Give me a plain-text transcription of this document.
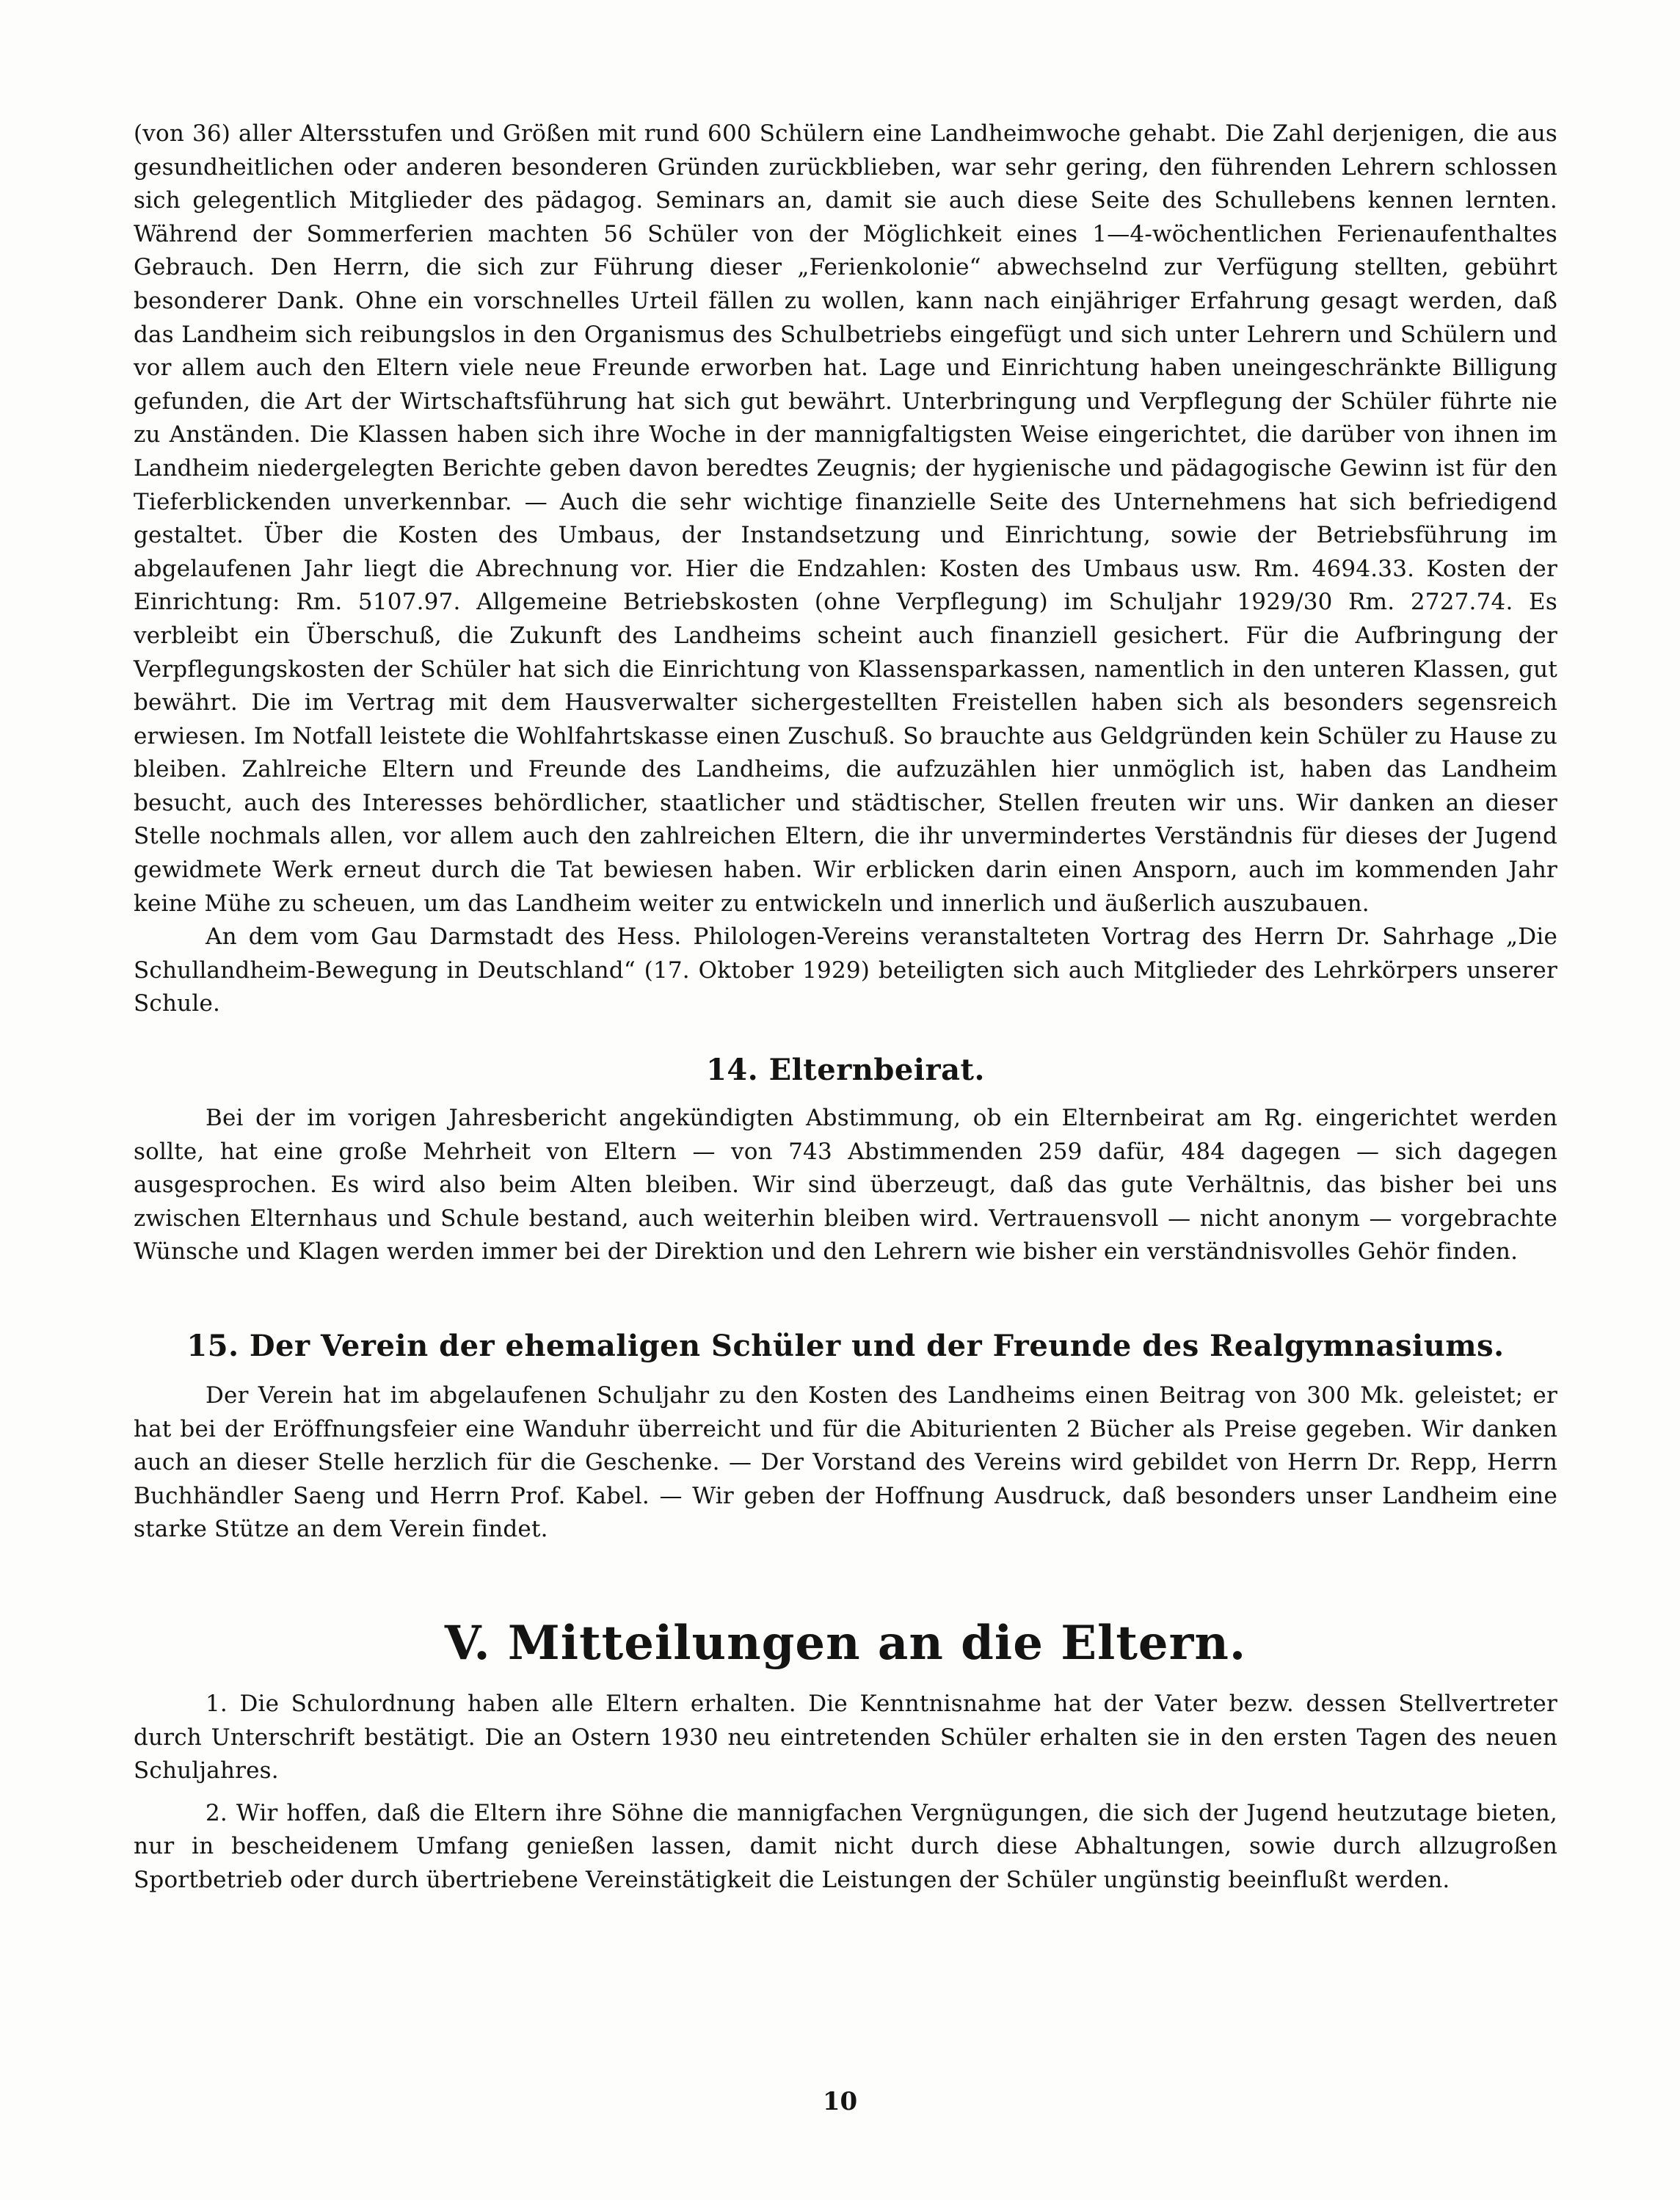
(von 36) aller Altersstufen und Größen mit rund 600 Schülern eine Landheimwoche gehabt. Die Zahl derjenigen, die aus gesundheitlichen oder anderen besonderen Gründen zurückblieben, war sehr gering, den führenden Lehrern schlossen sich gelegentlich Mitglieder des pädagog. Seminars an, damit sie auch diese Seite des Schullebens kennen lernten. Während der Sommerferien machten 56 Schüler von der Möglichkeit eines 1—4-wöchentlichen Ferienaufenthaltes Gebrauch. Den Herrn, die sich zur Führung dieser „Ferienkolonie“ abwechselnd zur Verfügung stellten, gebührt besonderer Dank. Ohne ein vorschnelles Urteil fällen zu wollen, kann nach einjähriger Erfahrung gesagt werden, daß das Landheim sich reibungslos in den Organismus des Schulbetriebs eingefügt und sich unter Lehrern und Schülern und vor allem auch den Eltern viele neue Freunde erworben hat. Lage und Einrichtung haben uneingeschränkte Billigung gefunden, die Art der Wirtschaftsführung hat sich gut bewährt. Unterbringung und Verpflegung der Schüler führte nie zu Anständen. Die Klassen haben sich ihre Woche in der mannigfaltigsten Weise eingerichtet, die darüber von ihnen im Landheim niedergelegten Berichte geben davon beredtes Zeugnis; der hygienische und pädagogische Gewinn ist für den Tieferblickenden unverkennbar. — Auch die sehr wichtige finanzielle Seite des Unternehmens hat sich befriedigend gestaltet. Über die Kosten des Umbaus, der Instandsetzung und Einrichtung, sowie der Betriebsführung im abgelaufenen Jahr liegt die Abrechnung vor. Hier die Endzahlen: Kosten des Umbaus usw. Rm. 4694.33. Kosten der Einrichtung: Rm. 5107.97. Allgemeine Betriebskosten (ohne Verpflegung) im Schuljahr 1929/30 Rm. 2727.74. Es verbleibt ein Überschuß, die Zukunft des Landheims scheint auch finanziell gesichert. Für die Aufbringung der Verpflegungskosten der Schüler hat sich die Einrichtung von Klassensparkassen, namentlich in den unteren Klassen, gut bewährt. Die im Vertrag mit dem Hausverwalter sichergestellten Freistellen haben sich als besonders segensreich erwiesen. Im Notfall leistete die Wohlfahrtskasse einen Zuschuß. So brauchte aus Geldgründen kein Schüler zu Hause zu bleiben. Zahlreiche Eltern und Freunde des Landheims, die aufzuzählen hier unmöglich ist, haben das Landheim besucht, auch des Interesses behördlicher, staatlicher und städtischer, Stellen freuten wir uns. Wir danken an dieser Stelle nochmals allen, vor allem auch den zahlreichen Eltern, die ihr unvermindertes Verständnis für dieses der Jugend gewidmete Werk erneut durch die Tat bewiesen haben. Wir erblicken darin einen Ansporn, auch im kommenden Jahr keine Mühe zu scheuen, um das Landheim weiter zu entwickeln und innerlich und äußerlich auszubauen.

An dem vom Gau Darmstadt des Hess. Philologen-Vereins veranstalteten Vortrag des Herrn Dr. Sahrhage „Die Schullandheim-Bewegung in Deutschland“ (17. Oktober 1929) beteiligten sich auch Mitglieder des Lehrkörpers unserer Schule.

14. Elternbeirat.

Bei der im vorigen Jahresbericht angekündigten Abstimmung, ob ein Elternbeirat am Rg. eingerichtet werden sollte, hat eine große Mehrheit von Eltern — von 743 Abstimmenden 259 dafür, 484 dagegen — sich dagegen ausgesprochen. Es wird also beim Alten bleiben. Wir sind überzeugt, daß das gute Verhältnis, das bisher bei uns zwischen Elternhaus und Schule bestand, auch weiterhin bleiben wird. Vertrauensvoll — nicht anonym — vorgebrachte Wünsche und Klagen werden immer bei der Direktion und den Lehrern wie bisher ein verständnisvolles Gehör finden.

15. Der Verein der ehemaligen Schüler und der Freunde des Realgymnasiums.

Der Verein hat im abgelaufenen Schuljahr zu den Kosten des Landheims einen Beitrag von 300 Mk. geleistet; er hat bei der Eröffnungsfeier eine Wanduhr überreicht und für die Abiturienten 2 Bücher als Preise gegeben. Wir danken auch an dieser Stelle herzlich für die Geschenke. — Der Vorstand des Vereins wird gebildet von Herrn Dr. Repp, Herrn Buchhändler Saeng und Herrn Prof. Kabel. — Wir geben der Hoffnung Ausdruck, daß besonders unser Landheim eine starke Stütze an dem Verein findet.

V. Mitteilungen an die Eltern.

1. Die Schulordnung haben alle Eltern erhalten. Die Kenntnisnahme hat der Vater bezw. dessen Stellvertreter durch Unterschrift bestätigt. Die an Ostern 1930 neu eintretenden Schüler erhalten sie in den ersten Tagen des neuen Schuljahres.

2. Wir hoffen, daß die Eltern ihre Söhne die mannigfachen Vergnügungen, die sich der Jugend heutzutage bieten, nur in bescheidenem Umfang genießen lassen, damit nicht durch diese Abhaltungen, sowie durch allzugroßen Sportbetrieb oder durch übertriebene Vereinstätigkeit die Leistungen der Schüler ungünstig beeinflußt werden.

10
